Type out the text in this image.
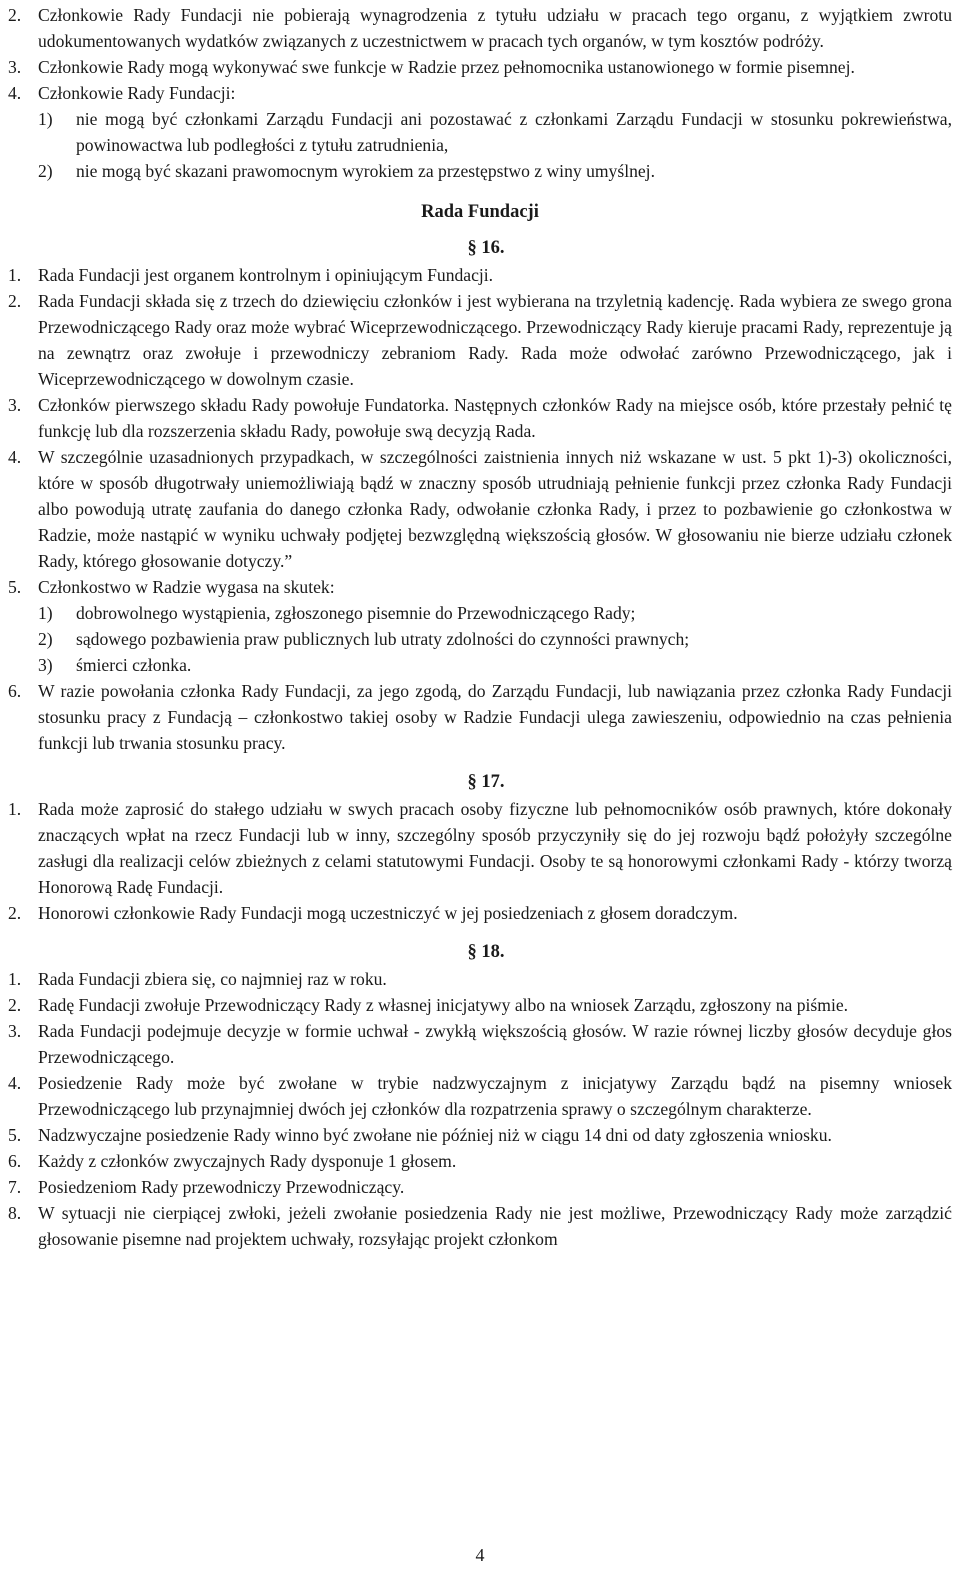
2. Członkowie Rady Fundacji nie pobierają wynagrodzenia z tytułu udziału w pracach tego organu, z wyjątkiem zwrotu udokumentowanych wydatków związanych z uczestnictwem w pracach tych organów, w tym kosztów podróży.
3. Członkowie Rady mogą wykonywać swe funkcje w Radzie przez pełnomocnika ustanowionego w formie pisemnej.
4. Członkowie Rady Fundacji:
1)	nie mogą być członkami Zarządu Fundacji ani pozostawać z członkami Zarządu Fundacji w stosunku pokrewieństwa, powinowactwa lub podległości z tytułu zatrudnienia,
2)	nie mogą być skazani prawomocnym wyrokiem za przestępstwo z winy umyślnej.
Rada Fundacji
§ 16.
1. Rada Fundacji jest organem kontrolnym i opiniującym Fundacji.
2. Rada Fundacji składa się z trzech do dziewięciu członków i jest wybierana na trzyletnią kadencję. Rada wybiera ze swego grona Przewodniczącego Rady oraz może wybrać Wiceprzewodniczącego. Przewodniczący Rady kieruje pracami Rady, reprezentuje ją na zewnątrz oraz zwołuje i przewodniczy zebraniom Rady. Rada może odwołać zarówno Przewodniczącego, jak i Wiceprzewodniczącego w dowolnym czasie.
3. Członków pierwszego składu Rady powołuje Fundatorka. Następnych członków Rady na miejsce osób, które przestały pełnić tę funkcję lub dla rozszerzenia składu Rady, powołuje swą decyzją Rada.
4. W szczególnie uzasadnionych przypadkach, w szczególności zaistnienia innych niż wskazane w ust. 5 pkt 1)-3) okoliczności, które w sposób długotrwały uniemożliwiają bądź w znaczny sposób utrudniają pełnienie funkcji przez członka Rady Fundacji albo powodują utratę zaufania do danego członka Rady, odwołanie członka Rady, i przez to pozbawienie go członkostwa w Radzie, może nastąpić w wyniku uchwały podjętej bezwzględną większością głosów. W głosowaniu nie bierze udziału członek Rady, którego głosowanie dotyczy.”
5. Członkostwo w Radzie wygasa na skutek:
1)	dobrowolnego wystąpienia, zgłoszonego pisemnie do Przewodniczącego Rady;
2)	sądowego pozbawienia praw publicznych lub utraty zdolności do czynności prawnych;
3)	śmierci członka.
6. W razie powołania członka Rady Fundacji, za jego zgodą, do Zarządu Fundacji, lub nawiązania przez członka Rady Fundacji stosunku pracy z Fundacją – członkostwo takiej osoby w Radzie Fundacji ulega zawieszeniu, odpowiednio na czas pełnienia funkcji lub trwania stosunku pracy.
§ 17.
1. Rada może zaprosić do stałego udziału w swych pracach osoby fizyczne lub pełnomocników osób prawnych, które dokonały znaczących wpłat na rzecz Fundacji lub w inny, szczególny sposób przyczyniły się do jej rozwoju bądź położyły szczególne zasługi dla realizacji celów zbieżnych z celami statutowymi Fundacji. Osoby te są honorowymi członkami Rady - którzy tworzą Honorową Radę Fundacji.
2. Honorowi członkowie Rady Fundacji mogą uczestniczyć w jej posiedzeniach z głosem doradczym.
§ 18.
1. Rada Fundacji zbiera się, co najmniej raz w roku.
2. Radę Fundacji zwołuje Przewodniczący Rady z własnej inicjatywy albo na wniosek Zarządu, zgłoszony na piśmie.
3. Rada Fundacji podejmuje decyzje w formie uchwał - zwykłą większością głosów. W razie równej liczby głosów decyduje głos Przewodniczącego.
4. Posiedzenie Rady może być zwołane w trybie nadzwyczajnym z inicjatywy Zarządu bądź na pisemny wniosek Przewodniczącego lub przynajmniej dwóch jej członków dla rozpatrzenia sprawy o szczególnym charakterze.
5. Nadzwyczajne posiedzenie Rady winno być zwołane nie później niż w ciągu 14 dni od daty zgłoszenia wniosku.
6. Każdy z członków zwyczajnych Rady dysponuje 1 głosem.
7. Posiedzeniom Rady przewodniczy Przewodniczący.
8. W sytuacji nie cierpiącej zwłoki, jeżeli zwołanie posiedzenia Rady nie jest możliwe, Przewodniczący Rady może zarządzić głosowanie pisemne nad projektem uchwały, rozsyłając projekt członkom
4
